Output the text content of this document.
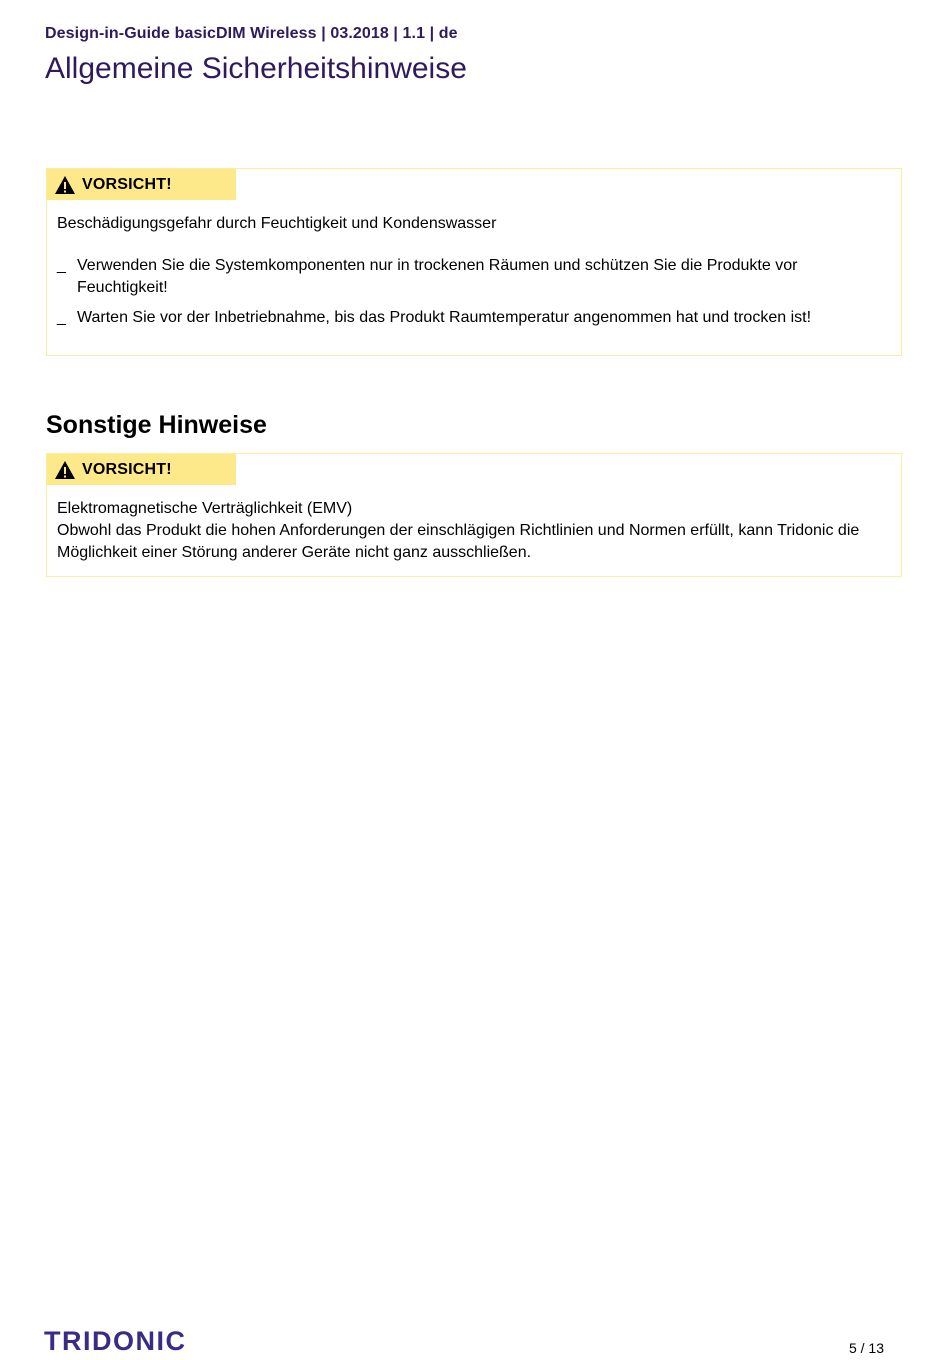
Design-in-Guide basicDIM Wireless | 03.2018 | 1.1 | de
Allgemeine Sicherheitshinweise
VORSICHT!
Beschädigungsgefahr durch Feuchtigkeit und Kondenswasser
_ Verwenden Sie die Systemkomponenten nur in trockenen Räumen und schützen Sie die Produkte vor Feuchtigkeit!
_ Warten Sie vor der Inbetriebnahme, bis das Produkt Raumtemperatur angenommen hat und trocken ist!
Sonstige Hinweise
VORSICHT!
Elektromagnetische Verträglichkeit (EMV)
Obwohl das Produkt die hohen Anforderungen der einschlägigen Richtlinien und Normen erfüllt, kann Tridonic die Möglichkeit einer Störung anderer Geräte nicht ganz ausschließen.
TRIDONIC	5 / 13
